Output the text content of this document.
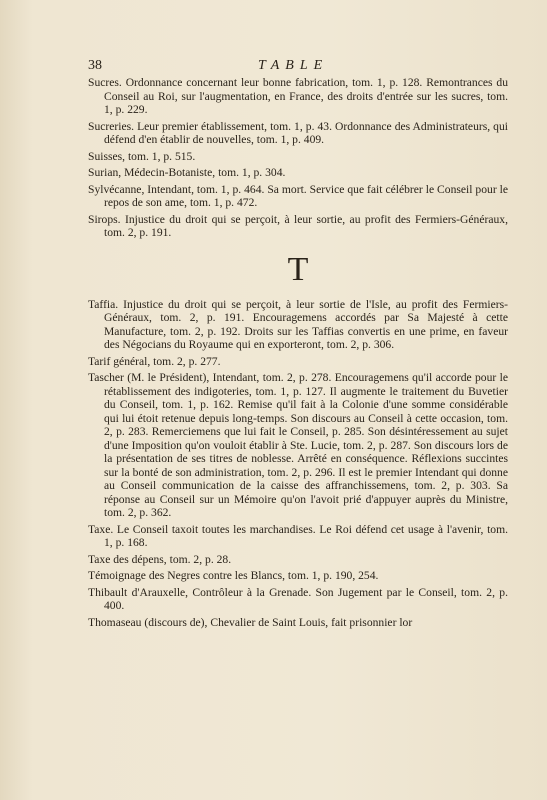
38	TABLE

Sucres. Ordonnance concernant leur bonne fabrication, tom. 1, p. 128. Remontrances du Conseil au Roi, sur l'augmentation, en France, des droits d'entrée sur les sucres, tom. 1, p. 229.

Sucreries. Leur premier établissement, tom. 1, p. 43. Ordonnance des Administrateurs, qui défend d'en établir de nouvelles, tom. 1, p. 409.

Suisses, tom. 1, p. 515.

Surian, Médecin-Botaniste, tom. 1, p. 304.

Sylvécanne, Intendant, tom. 1, p. 464. Sa mort. Service que fait célébrer le Conseil pour le repos de son ame, tom. 1, p. 472.

Sirops. Injustice du droit qui se perçoit, à leur sortie, au profit des Fermiers-Généraux, tom. 2, p. 191.

T

Taffia. Injustice du droit qui se perçoit, à leur sortie de l'Isle, au profit des Fermiers-Généraux, tom. 2, p. 191. Encouragemens accordés par Sa Majesté à cette Manufacture, tom. 2, p. 192. Droits sur les Taffias convertis en une prime, en faveur des Négocians du Royaume qui en exporteront, tom. 2, p. 306.

Tarif général, tom. 2, p. 277.

Tascher (M. le Président), Intendant, tom. 2, p. 278. Encouragemens qu'il accorde pour le rétablissement des indigoteries, tom. 1, p. 127. Il augmente le traitement du Buvetier du Conseil, tom. 1, p. 162. Remise qu'il fait à la Colonie d'une somme considérable qui lui étoit retenue depuis long-temps. Son discours au Conseil à cette occasion, tom. 2, p. 283. Remerciemens que lui fait le Conseil, p. 285. Son désintéressement au sujet d'une Imposition qu'on vouloit établir à Ste. Lucie, tom. 2, p. 287. Son discours lors de la présentation de ses titres de noblesse. Arrêté en conséquence. Réflexions succintes sur la bonté de son administration, tom. 2, p. 296. Il est le premier Intendant qui donne au Conseil communication de la caisse des affranchissemens, tom. 2, p. 303. Sa réponse au Conseil sur un Mémoire qu'on l'avoit prié d'appuyer auprès du Ministre, tom. 2, p. 362.

Taxe. Le Conseil taxoit toutes les marchandises. Le Roi défend cet usage à l'avenir, tom. 1, p. 168.

Taxe des dépens, tom. 2, p. 28.

Témoignage des Negres contre les Blancs, tom. 1, p. 190, 254.

Thibault d'Arauxelle, Contrôleur à la Grenade. Son Jugement par le Conseil, tom. 2, p. 400.

Thomaseau (discours de), Chevalier de Saint Louis, fait prisonnier lor
